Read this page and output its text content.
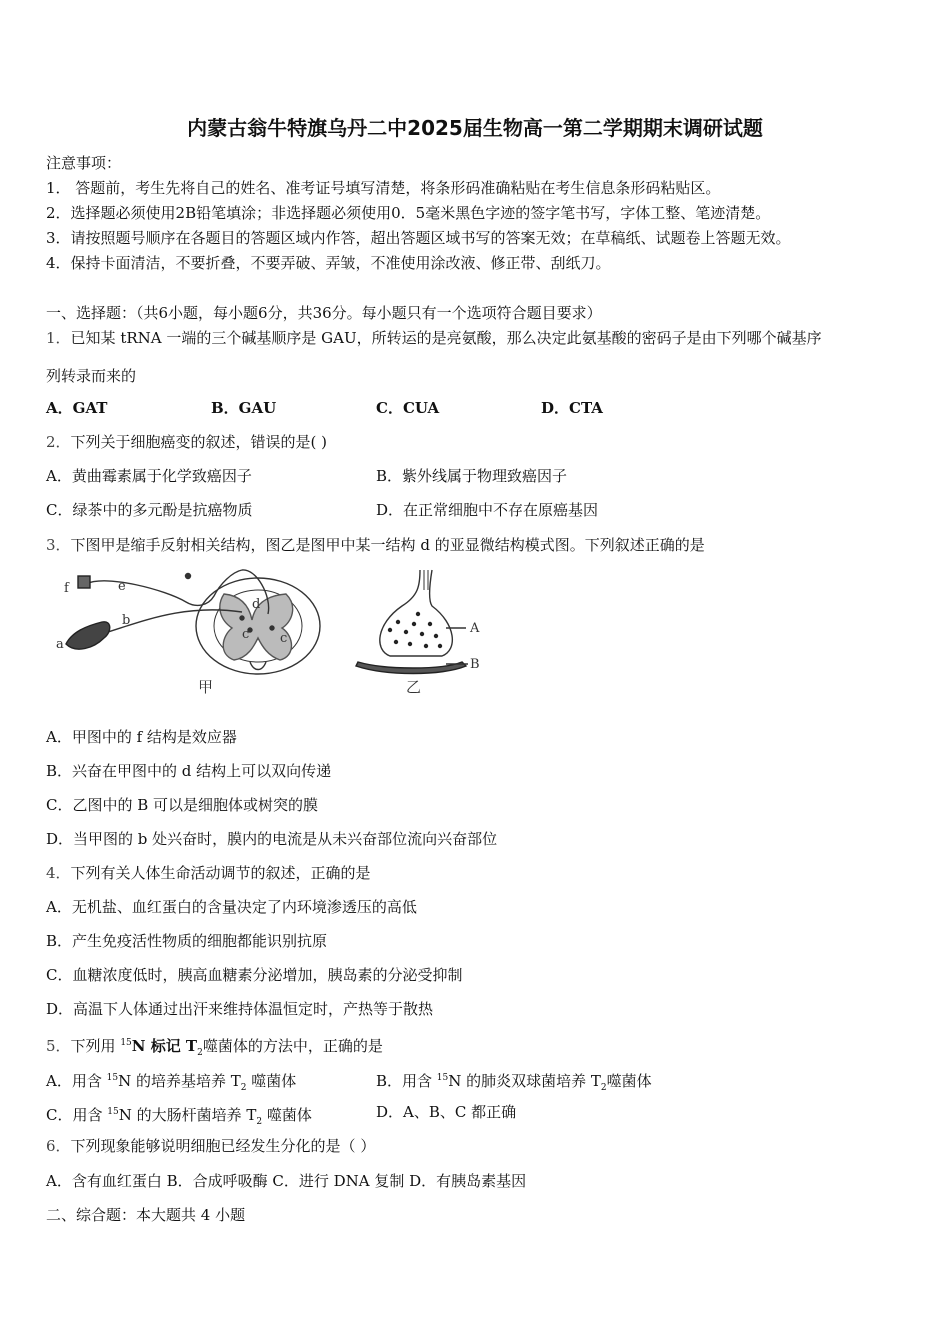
内蒙古翁牛特旗乌丹二中2025届生物高一第二学期期末调研试题
注意事项：
1． 答题前，考生先将自己的姓名、准考证号填写清楚，将条形码准确粘贴在考生信息条形码粘贴区。
2．选择题必须使用2B铅笔填涂；非选择题必须使用0．5毫米黑色字迹的签字笔书写，字体工整、笔迹清楚。
3．请按照题号顺序在各题目的答题区域内作答，超出答题区域书写的答案无效；在草稿纸、试题卷上答题无效。
4．保持卡面清洁，不要折叠，不要弄破、弄皱，不准使用涂改液、修正带、刮纸刀。
一、选择题：（共6小题，每小题6分，共36分。每小题只有一个选项符合题目要求）
1．已知某 tRNA 一端的三个碱基顺序是 GAU，所转运的是亮氨酸，那么决定此氨基酸的密码子是由下列哪个碱基序
列转录而来的
A．GAT	B．GAU	C．CUA	D．CTA
2．下列关于细胞癌变的叙述，错误的是( )
A．黄曲霉素属于化学致癌因子	B．紫外线属于物理致癌因子
C．绿茶中的多元酚是抗癌物质	D．在正常细胞中不存在原癌基因
3．下图甲是缩手反射相关结构，图乙是图甲中某一结构 d 的亚显微结构模式图。下列叙述正确的是
a
b
c
c
d
e
f
甲
A
B
乙
A．甲图中的 f 结构是效应器
B．兴奋在甲图中的 d 结构上可以双向传递
C．乙图中的 B 可以是细胞体或树突的膜
D．当甲图的 b 处兴奋时，膜内的电流是从未兴奋部位流向兴奋部位
4．下列有关人体生命活动调节的叙述，正确的是
A．无机盐、血红蛋白的含量决定了内环境渗透压的高低
B．产生免疫活性物质的细胞都能识别抗原
C．血糖浓度低时，胰高血糖素分泌增加，胰岛素的分泌受抑制
D．高温下人体通过出汗来维持体温恒定时，产热等于散热
5．下列用 $^{15}$N 标记 $T_2$噬菌体的方法中，正确的是
A．用含 $^{15}$N 的培养基培养 $T_2$ 噬菌体	B．用含 $^{15}$N 的肺炎双球菌培养 $T_2$噬菌体
C．用含 $^{15}$N 的大肠杆菌培养 $T_2$ 噬菌体	D．A、B、C 都正确
6．下列现象能够说明细胞已经发生分化的是（ ）
A．含有血红蛋白 B．合成呼吸酶 C．进行 DNA 复制 D．有胰岛素基因
二、综合题：本大题共 4 小题
